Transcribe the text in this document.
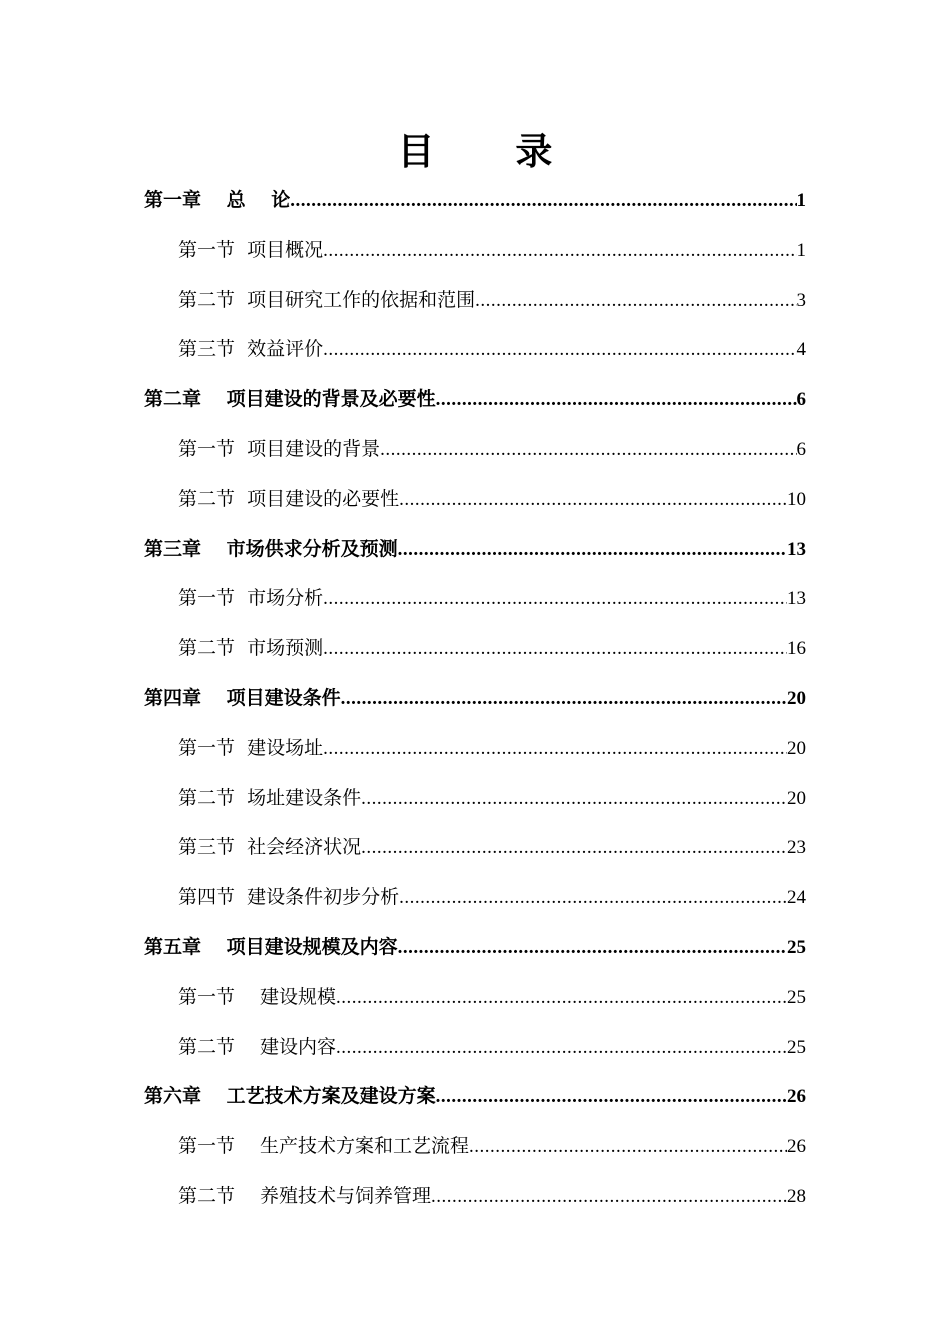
目 录
第一章　 总　 论 .....	1
第一节  项目概况 .....	1
第二节  项目研究工作的依据和范围 .....	3
第三节  效益评价 .....	4
第二章　 项目建设的背景及必要性 .....	6
第一节  项目建设的背景 .....	6
第二节  项目建设的必要性 .....	10
第三章　 市场供求分析及预测 .....	13
第一节  市场分析 .....	13
第二节  市场预测 .....	16
第四章　 项目建设条件 .....	20
第一节  建设场址 .....	20
第二节  场址建设条件 .....	20
第三节  社会经济状况 .....	23
第四节  建设条件初步分析 .....	24
第五章　 项目建设规模及内容 .....	25
第一节　 建设规模 .....	25
第二节　 建设内容 .....	25
第六章　 工艺技术方案及建设方案 .....	26
第一节　 生产技术方案和工艺流程 .....	26
第二节　 养殖技术与饲养管理 .....	28
